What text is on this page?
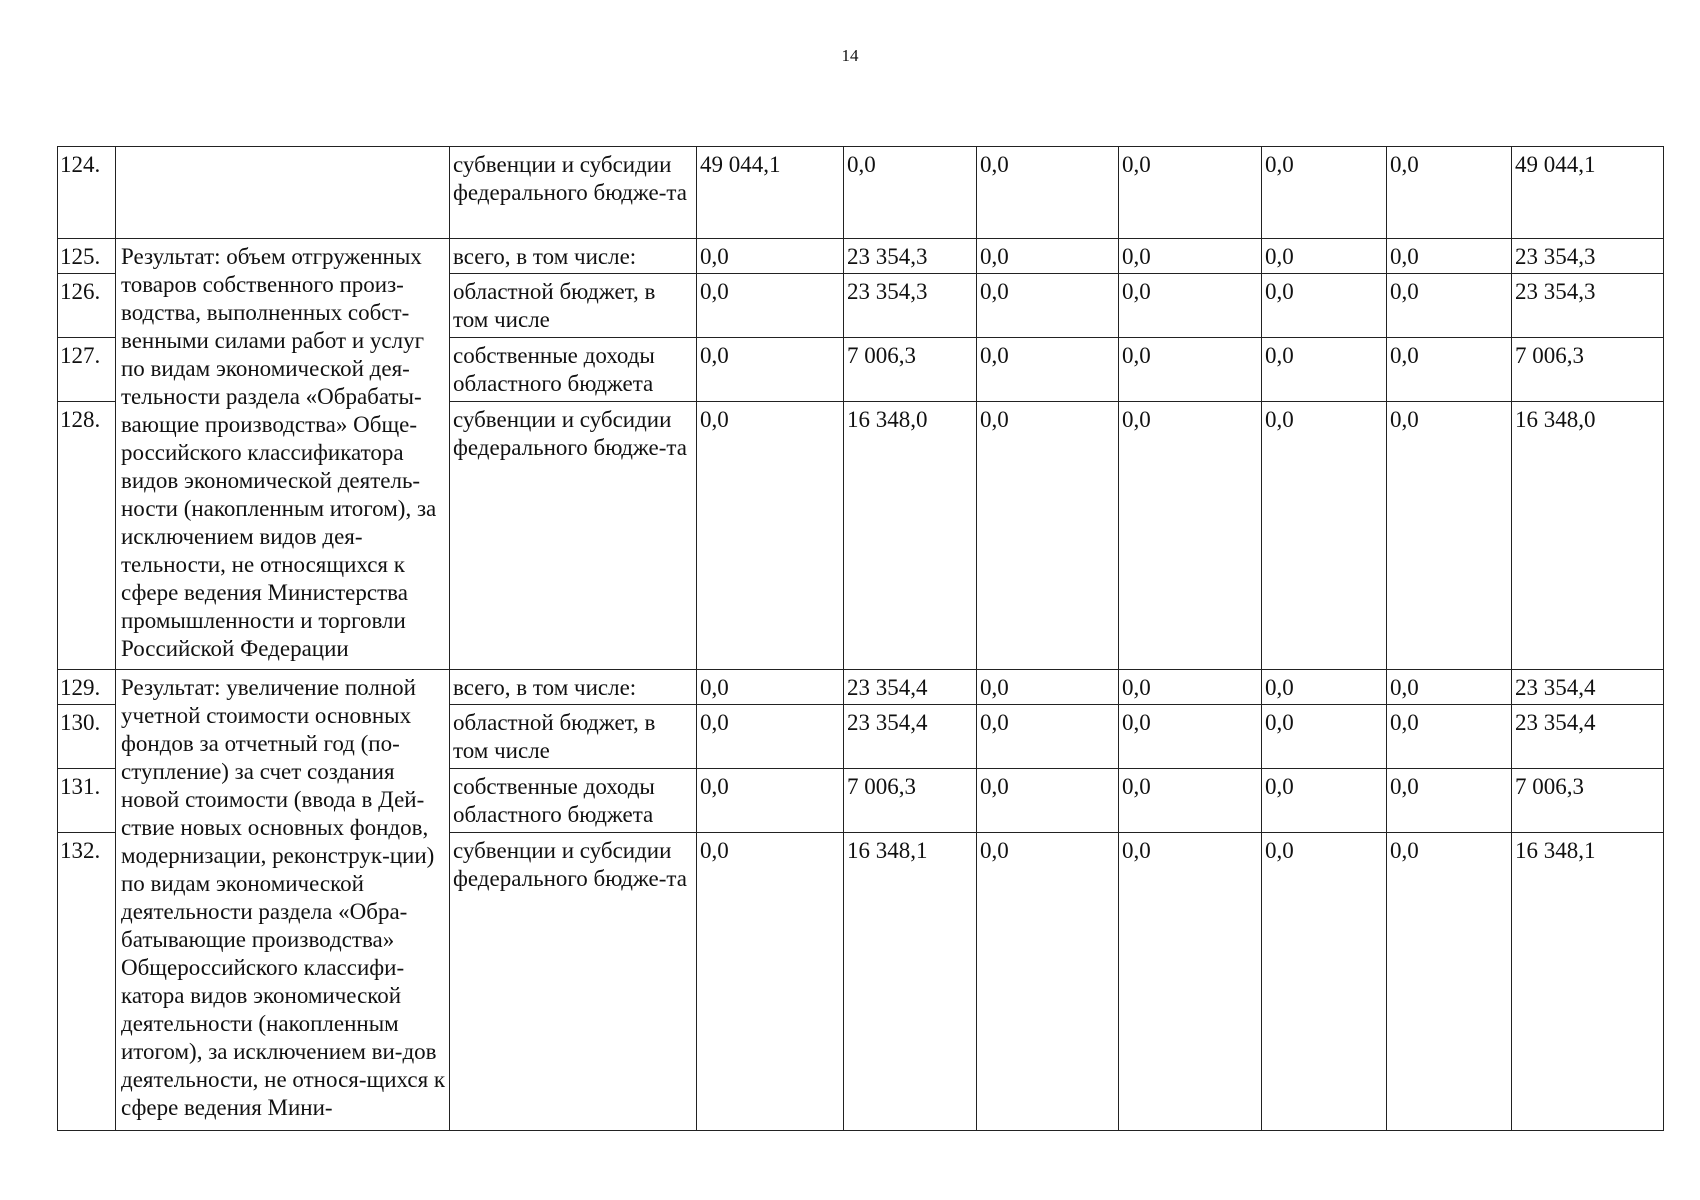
14
124.		субвенции и субсидии федерального бюдже-та	49 044,1	0,0	0,0	0,0	0,0	0,0	49 044,1
125.	Результат: объем отгруженных товаров собственного произ-водства, выполненных собст-венными силами работ и услуг по видам экономической дея-тельности раздела «Обрабаты-вающие производства» Обще-российского классификатора видов экономической деятель-ности (накопленным итогом), за исключением видов дея-тельности, не относящихся к сфере ведения Министерства промышленности и торговли Российской Федерации	всего, в том числе:	0,0	23 354,3	0,0	0,0	0,0	0,0	23 354,3
126.		областной бюджет, в том числе	0,0	23 354,3	0,0	0,0	0,0	0,0	23 354,3
127.		собственные доходы областного бюджета	0,0	7 006,3	0,0	0,0	0,0	0,0	7 006,3
128.		субвенции и субсидии федерального бюдже-та	0,0	16 348,0	0,0	0,0	0,0	0,0	16 348,0
129.	Результат: увеличение полной учетной стоимости основных фондов за отчетный год (по-ступление) за счет создания новой стоимости (ввода в Дей-ствие новых основных фондов, модернизации, реконструк-ции) по видам экономической деятельности раздела «Обра-батывающие производства» Общероссийского классифи-катора видов экономической деятельности (накопленным итогом), за исключением ви-дов деятельности, не относя-щихся к сфере ведения Мини-	всего, в том числе:	0,0	23 354,4	0,0	0,0	0,0	0,0	23 354,4
130.		областной бюджет, в том числе	0,0	23 354,4	0,0	0,0	0,0	0,0	23 354,4
131.		собственные доходы областного бюджета	0,0	7 006,3	0,0	0,0	0,0	0,0	7 006,3
132.		субвенции и субсидии федерального бюдже-та	0,0	16 348,1	0,0	0,0	0,0	0,0	16 348,1
